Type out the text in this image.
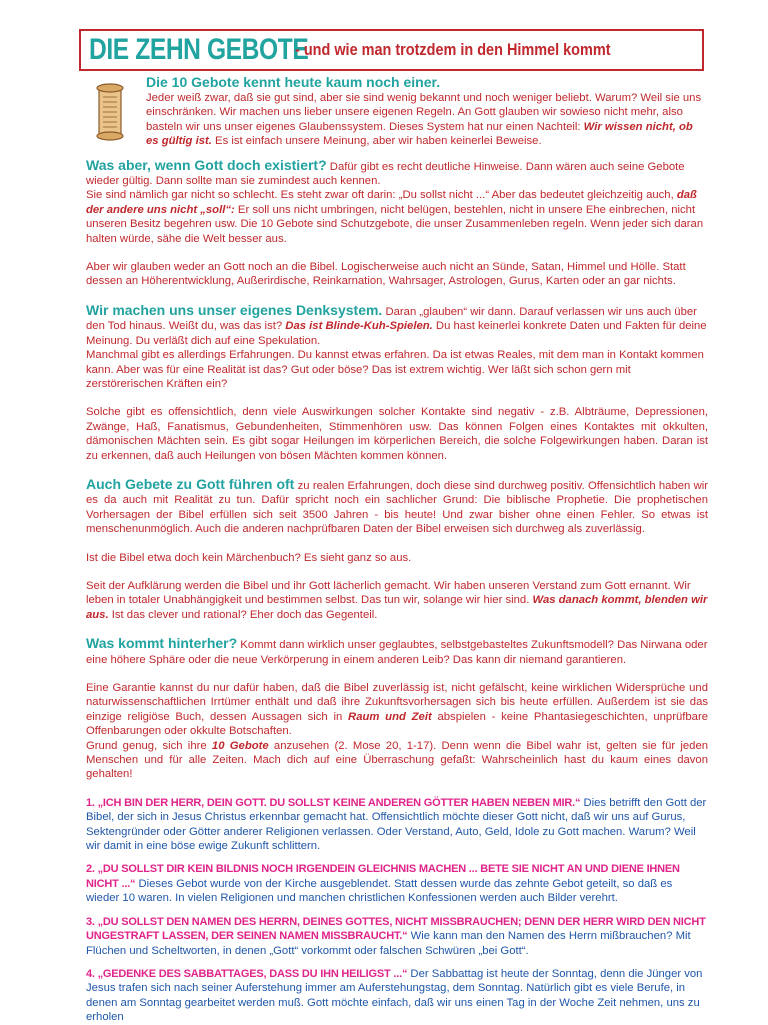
DIE ZEHN GEBOTE
- und wie man trotzdem in den Himmel kommt

Die 10 Gebote kennt heute kaum noch einer.

Jeder weiß zwar, daß sie gut sind, aber sie sind wenig bekannt und noch weniger beliebt. Warum? Weil sie uns einschränken. Wir machen uns lieber unsere eigenen Regeln. An Gott glauben wir sowieso nicht mehr, also basteln wir uns unser eigenes Glaubenssystem. Dieses System hat nur einen Nachteil: Wir wissen nicht, ob es gültig ist. Es ist einfach unsere Meinung, aber wir haben keinerlei Beweise.

Was aber, wenn Gott doch existiert? Dafür gibt es recht deutliche Hinweise. Dann wären auch seine Gebote wieder gültig. Dann sollte man sie zumindest auch kennen.

Sie sind nämlich gar nicht so schlecht. Es steht zwar oft darin: „Du sollst nicht ...“ Aber das bedeutet gleichzeitig auch, daß der andere uns nicht „soll“: Er soll uns nicht umbringen, nicht belügen, bestehlen, nicht in unsere Ehe einbrechen, nicht unseren Besitz begehren usw. Die 10 Gebote sind Schutzgebote, die unser Zusammenleben regeln. Wenn jeder sich daran halten würde, sähe die Welt besser aus.

Aber wir glauben weder an Gott noch an die Bibel. Logischerweise auch nicht an Sünde, Satan, Himmel und Hölle. Statt dessen an Höherentwicklung, Außerirdische, Reinkarnation, Wahrsager, Astrologen, Gurus, Karten oder an gar nichts.

Wir machen uns unser eigenes Denksystem. Daran „glauben“ wir dann. Darauf verlassen wir uns auch über den Tod hinaus. Weißt du, was das ist? Das ist Blinde-Kuh-Spielen. Du hast keinerlei konkrete Daten und Fakten für deine Meinung. Du verläßt dich auf eine Spekulation.

Manchmal gibt es allerdings Erfahrungen. Du kannst etwas erfahren. Da ist etwas Reales, mit dem man in Kontakt kommen kann. Aber was für eine Realität ist das? Gut oder böse? Das ist extrem wichtig. Wer läßt sich schon gern mit zerstörerischen Kräften ein?

Solche gibt es offensichtlich, denn viele Auswirkungen solcher Kontakte sind negativ - z.B. Albträume, Depressionen, Zwänge, Haß, Fanatismus, Gebundenheiten, Stimmenhören usw. Das können Folgen eines Kontaktes mit okkulten, dämonischen Mächten sein. Es gibt sogar Heilungen im körperlichen Bereich, die solche Folgewirkungen haben. Daran ist zu erkennen, daß auch Heilungen von bösen Mächten kommen können.

Auch Gebete zu Gott führen oft zu realen Erfahrungen, doch diese sind durchweg positiv. Offensichtlich haben wir es da auch mit Realität zu tun. Dafür spricht noch ein sachlicher Grund: Die biblische Prophetie. Die prophetischen Vorhersagen der Bibel erfüllen sich seit 3500 Jahren - bis heute! Und zwar bisher ohne einen Fehler. So etwas ist menschenunmöglich. Auch die anderen nachprüfbaren Daten der Bibel erweisen sich durchweg als zuverlässig.

Ist die Bibel etwa doch kein Märchenbuch? Es sieht ganz so aus.

Seit der Aufklärung werden die Bibel und ihr Gott lächerlich gemacht. Wir haben unseren Verstand zum Gott ernannt. Wir leben in totaler Unabhängigkeit und bestimmen selbst. Das tun wir, solange wir hier sind. Was danach kommt, blenden wir aus. Ist das clever und rational? Eher doch das Gegenteil.

Was kommt hinterher? Kommt dann wirklich unser geglaubtes, selbstgebasteltes Zukunftsmodell? Das Nirwana oder eine höhere Sphäre oder die neue Verkörperung in einem anderen Leib? Das kann dir niemand garantieren.

Eine Garantie kannst du nur dafür haben, daß die Bibel zuverlässig ist, nicht gefälscht, keine wirklichen Widersprüche und naturwissenschaftlichen Irrtümer enthält und daß ihre Zukunftsvorhersagen sich bis heute erfüllen. Außerdem ist sie das einzige religiöse Buch, dessen Aussagen sich in Raum und Zeit abspielen - keine Phantasiegeschichten, unprüfbare Offenbarungen oder okkulte Botschaften.

Grund genug, sich ihre 10 Gebote anzusehen (2. Mose 20, 1-17). Denn wenn die Bibel wahr ist, gelten sie für jeden Menschen und für alle Zeiten. Mach dich auf eine Überraschung gefaßt: Wahrscheinlich hast du kaum eines davon gehalten!

1. „ICH BIN DER HERR, DEIN GOTT. DU SOLLST KEINE ANDEREN GÖTTER HABEN NEBEN MIR.“ Dies betrifft den Gott der Bibel, der sich in Jesus Christus erkennbar gemacht hat. Offensichtlich möchte dieser Gott nicht, daß wir uns auf Gurus, Sektengründer oder Götter anderer Religionen verlassen. Oder Verstand, Auto, Geld, Idole zu Gott machen. Warum? Weil wir damit in eine böse ewige Zukunft schlittern.

2. „DU SOLLST DIR KEIN BILDNIS NOCH IRGENDEIN GLEICHNIS MACHEN ... BETE SIE NICHT AN UND DIENE IHNEN NICHT ...“ Dieses Gebot wurde von der Kirche ausgeblendet. Statt dessen wurde das zehnte Gebot geteilt, so daß es wieder 10 waren. In vielen Religionen und manchen christlichen Konfessionen werden auch Bilder verehrt.

3. „DU SOLLST DEN NAMEN DES HERRN, DEINES GOTTES, NICHT MISSBRAUCHEN; DENN DER HERR WIRD DEN NICHT UNGESTRAFT LASSEN, DER SEINEN NAMEN MISSBRAUCHT.“ Wie kann man den Namen des Herrn mißbrauchen? Mit Flüchen und Scheltworten, in denen „Gott“ vorkommt oder falschen Schwüren „bei Gott“.

4. „GEDENKE DES SABBATTAGES, DASS DU IHN HEILIGST ...“ Der Sabbattag ist heute der Sonntag, denn die Jünger von Jesus trafen sich nach seiner Auferstehung immer am Auferstehungstag, dem Sonntag. Natürlich gibt es viele Berufe, in denen am Sonntag gearbeitet werden muß. Gott möchte einfach, daß wir uns einen Tag in der Woche Zeit nehmen, uns zu erholen
